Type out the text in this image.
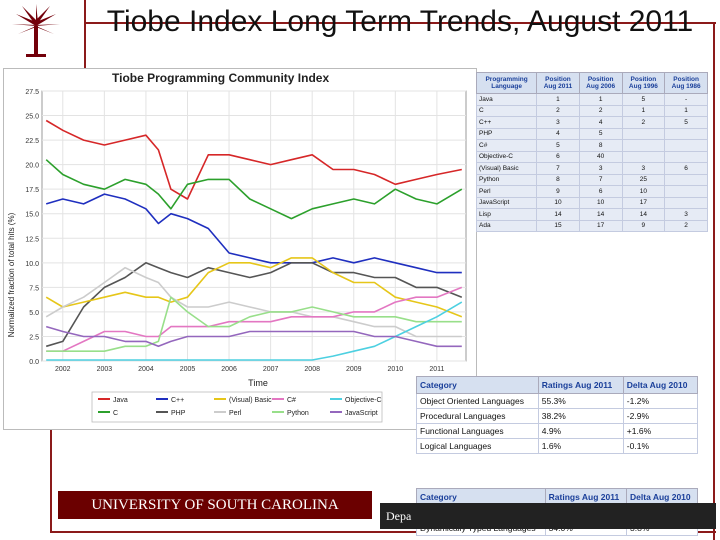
Tiobe Index Long Term Trends, August 2011
Tiobe Programming Community Index
Normalized fraction of total hits (%)
Time
0.0
2.5
5.0
7.5
10.0
12.5
15.0
17.5
20.0
22.5
25.0
27.5
2002	2003	2004	2005	2006	2007	2008	2009	2010	2011
Java
C
C++
PHP
(Visual) Basic
Perl
C#
Python
Objective-C
JavaScript
Programming Language	Position Aug 2011	Position Aug 2006	Position Aug 1996	Position Aug 1986
Java	1	1	5	-
C	2	2	1	1
C++	3	4	2	5
PHP	4	5		
C#	5	8		
Objective-C	6	40		
(Visual) Basic	7	3	3	6
Python	8	7	25	
Perl	9	6	10	
JavaScript	10	10	17	
Lisp	14	14	14	3
Ada	15	17	9	2
Category	Ratings Aug 2011	Delta Aug 2010
Object Oriented Languages	55.3%	-1.2%
Procedural Languages	38.2%	-2.9%
Functional Languages	4.9%	+1.6%
Logical Languages	1.6%	-0.1%
Category	Ratings Aug 2011	Delta Aug 2010

Depa
UNIVERSITY OF SOUTH CAROLINA
